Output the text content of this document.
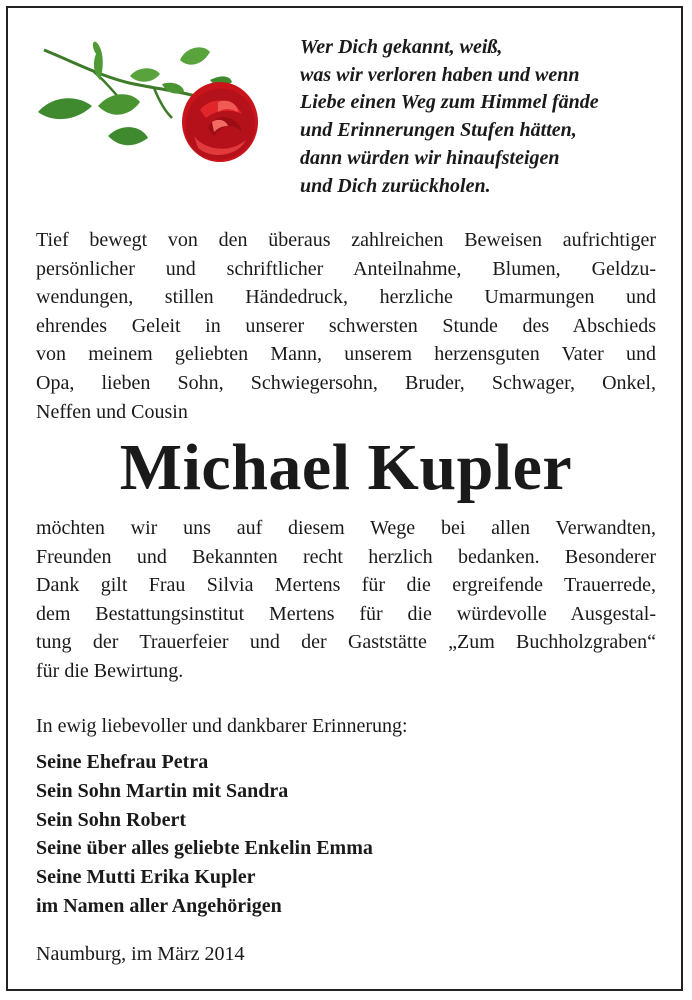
Wer Dich gekannt, weiß,
was wir verloren haben und wenn
Liebe einen Weg zum Himmel fände
und Erinnerungen Stufen hätten,
dann würden wir hinaufsteigen
und Dich zurückholen.
Tief bewegt von den überaus zahlreichen Beweisen aufrichtiger
persönlicher und schriftlicher Anteilnahme, Blumen, Geldzu-
wendungen, stillen Händedruck, herzliche Umarmungen und
ehrendes Geleit in unserer schwersten Stunde des Abschieds
von meinem geliebten Mann, unserem herzensguten Vater und
Opa, lieben Sohn, Schwiegersohn, Bruder, Schwager, Onkel,
Neffen und Cousin
Michael Kupler
möchten wir uns auf diesem Wege bei allen Verwandten,
Freunden und Bekannten recht herzlich bedanken. Besonderer
Dank gilt Frau Silvia Mertens für die ergreifende Trauerrede,
dem Bestattungsinstitut Mertens für die würdevolle Ausgestal-
tung der Trauerfeier und der Gaststätte „Zum Buchholzgraben“
für die Bewirtung.
In ewig liebevoller und dankbarer Erinnerung:
Seine Ehefrau Petra
Sein Sohn Martin mit Sandra
Sein Sohn Robert
Seine über alles geliebte Enkelin Emma
Seine Mutti Erika Kupler
im Namen aller Angehörigen
Naumburg, im März 2014
